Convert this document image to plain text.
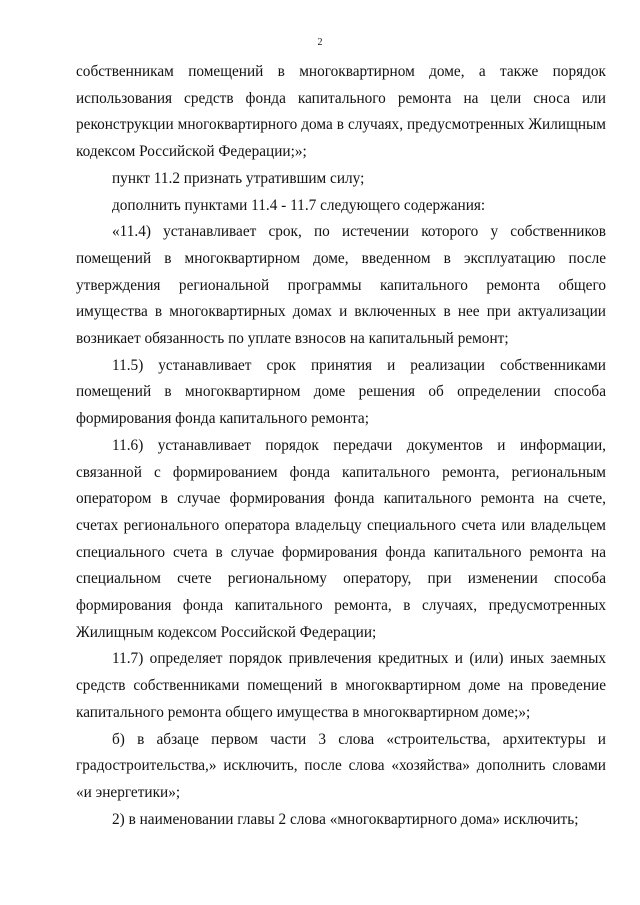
2

собственникам помещений в многоквартирном доме, а также порядок использования средств фонда капитального ремонта на цели сноса или реконструкции многоквартирного дома в случаях, предусмотренных Жилищным кодексом Российской Федерации;»;

пункт 11.2 признать утратившим силу;

дополнить пунктами 11.4 - 11.7 следующего содержания:

«11.4) устанавливает срок, по истечении которого у собственников помещений в многоквартирном доме, введенном в эксплуатацию после утверждения региональной программы капитального ремонта общего имущества в многоквартирных домах и включенных в нее при актуализации возникает обязанность по уплате взносов на капитальный ремонт;

11.5) устанавливает срок принятия и реализации собственниками помещений в многоквартирном доме решения об определении способа формирования фонда капитального ремонта;

11.6) устанавливает порядок передачи документов и информации, связанной с формированием фонда капитального ремонта, региональным оператором в случае формирования фонда капитального ремонта на счете, счетах регионального оператора владельцу специального счета или владельцем специального счета в случае формирования фонда капитального ремонта на специальном счете региональному оператору, при изменении способа формирования фонда капитального ремонта, в случаях, предусмотренных Жилищным кодексом Российской Федерации;

11.7) определяет порядок привлечения кредитных и (или) иных заемных средств собственниками помещений в многоквартирном доме на проведение капитального ремонта общего имущества в многоквартирном доме;»;

б) в абзаце первом части 3 слова «строительства, архитектуры и градостроительства,» исключить, после слова «хозяйства» дополнить словами «и энергетики»;

2) в наименовании главы 2 слова «многоквартирного дома» исключить;
